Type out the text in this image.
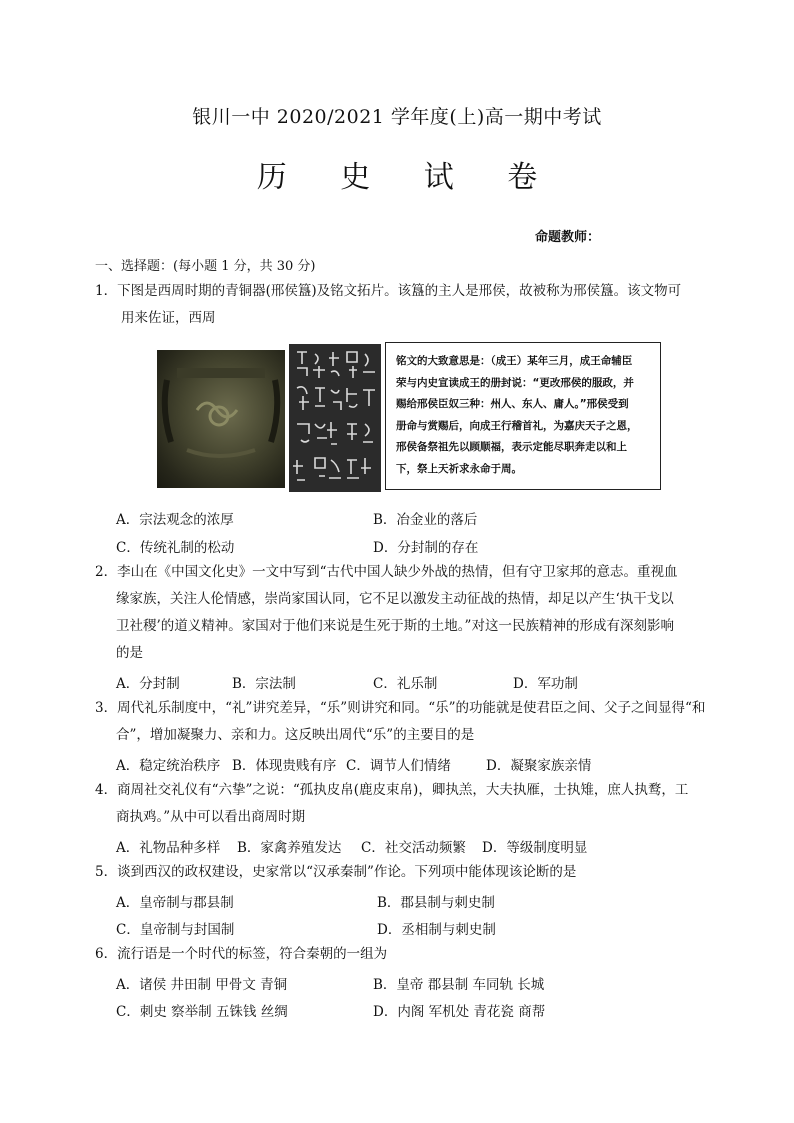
银川一中 2020/2021 学年度(上)高一期中考试
历 史 试 卷
命题教师：
一、选择题：(每小题 1 分，共 30 分)
1．下图是西周时期的青铜器(邢侯簋)及铭文拓片。该簋的主人是邢侯，故被称为邢侯簋。该文物可
用来佐证，西周
铭文的大致意思是：（成王）某年三月，成王命辅臣
荣与内史宣读成王的册封说：“更改邢侯的服政，并
赐给邢侯臣奴三种：州人、东人、庸人。”邢侯受到
册命与赏赐后，向成王行稽首礼，为嘉庆天子之恩，
邢侯备祭祖先以顾顺福，表示定能尽职奔走以和上
下，祭上天祈求永命于周。
A．宗法观念的浓厚	B．冶金业的落后
C．传统礼制的松动	D．分封制的存在
2．李山在《中国文化史》一文中写到“古代中国人缺少外战的热情，但有守卫家邦的意志。重视血
缘家族，关注人伦情感，崇尚家国认同，它不足以激发主动征战的热情，却足以产生‘执干戈以
卫社稷’的道义精神。家国对于他们来说是生死于斯的土地。”对这一民族精神的形成有深刻影响
的是
A．分封制	B．宗法制	C．礼乐制	D．军功制
3．周代礼乐制度中，“礼”讲究差异，“乐”则讲究和同。“乐”的功能就是使君臣之间、父子之间显得“和
合”，增加凝聚力、亲和力。这反映出周代“乐”的主要目的是
A．稳定统治秩序 B．体现贵贱有序 C．调节人们情绪	D．凝聚家族亲情
4．商周社交礼仪有“六挚”之说：“孤执皮帛(鹿皮束帛)，卿执羔，大夫执雁，士执雉，庶人执鹜，工
商执鸡。”从中可以看出商周时期
A．礼物品种多样 B．家禽养殖发达 C．社交活动频繁 D．等级制度明显
5．谈到西汉的政权建设，史家常以“汉承秦制”作论。下列项中能体现该论断的是
A．皇帝制与郡县制	B．郡县制与刺史制
C．皇帝制与封国制	D．丞相制与刺史制
6．流行语是一个时代的标签，符合秦朝的一组为
A．诸侯 井田制 甲骨文 青铜	B．皇帝 郡县制 车同轨 长城
C．刺史 察举制 五铢钱 丝绸	D．内阁 军机处 青花瓷 商帮
